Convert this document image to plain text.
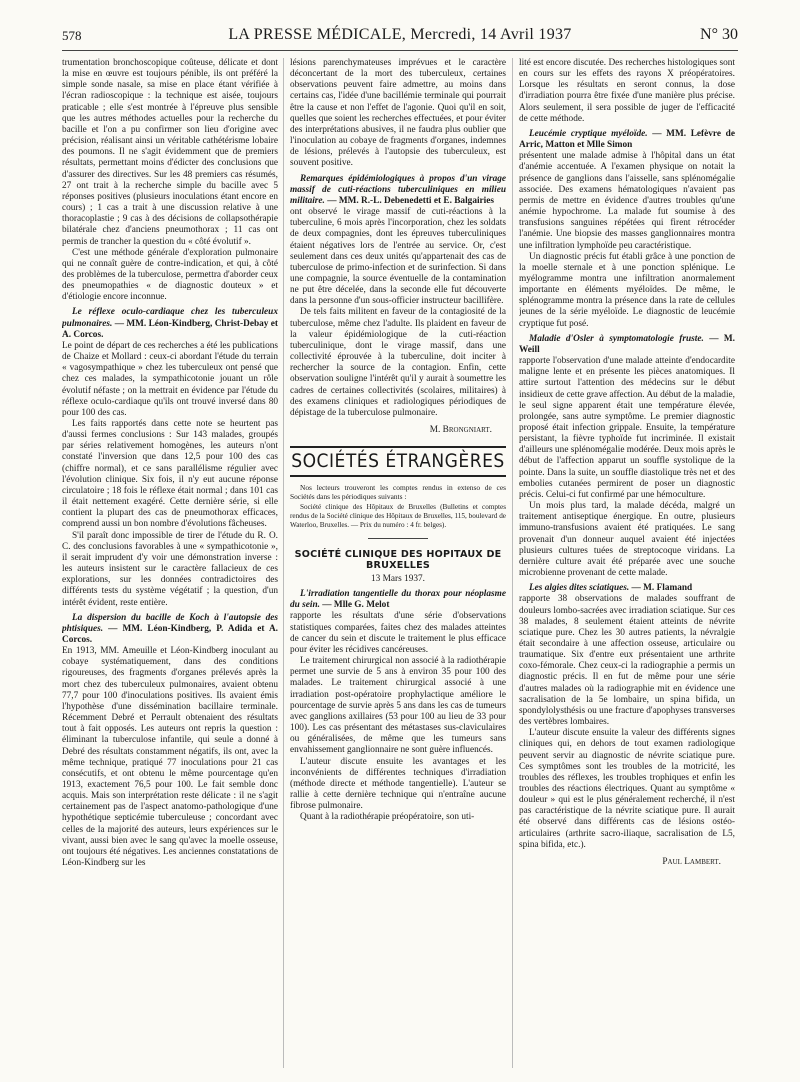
578	LA PRESSE MÉDICALE, Mercredi, 14 Avril 1937	N° 30

trumentation bronchoscopique coûteuse, délicate et dont la mise en œuvre est toujours pénible, ils ont préféré la simple sonde nasale, sa mise en place étant vérifiée à l'écran radioscopique : la technique est aisée, toujours praticable ; elle s'est montrée à l'épreuve plus sensible que les autres méthodes actuelles pour la recherche du bacille et l'on a pu confirmer son lieu d'origine avec précision, réalisant ainsi un véritable cathétérisme lobaire des poumons. Il ne s'agit évidemment que de premiers résultats, permettant moins d'édicter des conclusions que d'assurer des directives. Sur les 48 premiers cas résumés, 27 ont trait à la recherche simple du bacille avec 5 réponses positives (plusieurs inoculations étant encore en cours) ; 1 cas a trait à une discussion relative à une thoracoplastie ; 9 cas à des décisions de collapsothérapie bilatérale chez d'anciens pneumothorax ; 11 cas ont permis de trancher la question du « côté évolutif ».

C'est une méthode générale d'exploration pulmonaire qui ne connaît guère de contre-indication, et qui, à côté des problèmes de la tuberculose, permettra d'aborder ceux des pneumopathies « de diagnostic douteux » et d'étiologie encore inconnue.

Le réflexe oculo-cardiaque chez les tuberculeux pulmonaires. — MM. Léon-Kindberg, Christ-Debay et A. Corcos.

Le point de départ de ces recherches a été les publications de Chaize et Mollard : ceux-ci abordant l'étude du terrain « vagosympathique » chez les tuberculeux ont pensé que chez ces malades, la sympathicotonie jouant un rôle évolutif néfaste ; on la mettrait en évidence par l'étude du réflexe oculo-cardiaque qu'ils ont trouvé inversé dans 80 pour 100 des cas.

Les faits rapportés dans cette note se heurtent pas d'aussi fermes conclusions : Sur 143 malades, groupés par séries relativement homogènes, les auteurs n'ont constaté l'inversion que dans 12,5 pour 100 des cas (chiffre normal), et ce sans parallélisme régulier avec l'évolution clinique. Six fois, il n'y eut aucune réponse circulatoire ; 18 fois le réflexe était normal ; dans 101 cas il était nettement exagéré. Cette dernière série, si elle contient la plupart des cas de pneumothorax efficaces, comprend aussi un bon nombre d'évolutions fâcheuses.

S'il paraît donc impossible de tirer de l'étude du R. O. C. des conclusions favorables à une « sympathicotonie », il serait imprudent d'y voir une démonstration inverse : les auteurs insistent sur le caractère fallacieux de ces explorations, sur les données contradictoires des différents tests du système végétatif ; la question, d'un intérêt évident, reste entière.

La dispersion du bacille de Koch à l'autopsie des phtisiques. — MM. Léon-Kindberg, P. Adida et A. Corcos.

En 1913, MM. Ameuille et Léon-Kindberg inoculant au cobaye systématiquement, dans des conditions rigoureuses, des fragments d'organes prélevés après la mort chez des tuberculeux pulmonaires, avaient obtenu 77,7 pour 100 d'inoculations positives. Ils avaient émis l'hypothèse d'une dissémination bacillaire terminale. Récemment Debré et Perrault obtenaient des résultats tout à fait opposés. Les auteurs ont repris la question : éliminant la tuberculose infantile, qui seule a donné à Debré des résultats constamment négatifs, ils ont, avec la même technique, pratiqué 77 inoculations pour 21 cas consécutifs, et ont obtenu le même pourcentage qu'en 1913, exactement 76,5 pour 100. Le fait semble donc acquis. Mais son interprétation reste délicate : il ne s'agit certainement pas de l'aspect anatomo-pathologique d'une hypothétique septicémie tuberculeuse ; concordant avec celles de la majorité des auteurs, leurs expériences sur le vivant, aussi bien avec le sang qu'avec la moelle osseuse, ont toujours été négatives. Les anciennes constatations de Léon-Kindberg sur les

lésions parenchymateuses imprévues et le caractère déconcertant de la mort des tuberculeux, certaines observations peuvent faire admettre, au moins dans certains cas, l'idée d'une bacillémie terminale qui pourrait être la cause et non l'effet de l'agonie. Quoi qu'il en soit, quelles que soient les recherches effectuées, et pour éviter des interprétations abusives, il ne faudra plus oublier que l'inoculation au cobaye de fragments d'organes, indemnes de lésions, prélevés à l'autopsie des tuberculeux, est souvent positive.

Remarques épidémiologiques à propos d'un virage massif de cuti-réactions tuberculiniques en milieu militaire. — MM. R.-L. Debenedetti et E. Balgairies

ont observé le virage massif de cuti-réactions à la tuberculine, 6 mois après l'incorporation, chez les soldats de deux compagnies, dont les épreuves tuberculiniques étaient négatives lors de l'entrée au service. Or, c'est seulement dans ces deux unités qu'appartenait des cas de tuberculose de primo-infection et de surinfection. Si dans une compagnie, la source éventuelle de la contamination ne put être décelée, dans la seconde elle fut découverte dans la personne d'un sous-officier instructeur bacillifère.

De tels faits militent en faveur de la contagiosité de la tuberculose, même chez l'adulte. Ils plaident en faveur de la valeur épidémiologique de la cuti-réaction tuberculinique, dont le virage massif, dans une collectivité éprouvée à la tuberculine, doit inciter à rechercher la source de la contagion. Enfin, cette observation souligne l'intérêt qu'il y aurait à soumettre les cadres de certaines collectivités (scolaires, militaires) à des examens cliniques et radiologiques périodiques de dépistage de la tuberculose pulmonaire.

M. Brongniart.

SOCIÉTÉS ÉTRANGÈRES

Nos lecteurs trouveront les comptes rendus in extenso de ces Sociétés dans les périodiques suivants :

Société clinique des Hôpitaux de Bruxelles (Bulletins et comptes rendus de la Société clinique des Hôpitaux de Bruxelles, 115, boulevard de Waterloo, Bruxelles. — Prix du numéro : 4 fr. belges).

SOCIÉTÉ CLINIQUE DES HOPITAUX DE BRUXELLES
13 Mars 1937.

L'irradiation tangentielle du thorax pour néoplasme du sein. — Mlle G. Melot

rapporte les résultats d'une série d'observations statistiques comparées, faites chez des malades atteintes de cancer du sein et discute le traitement le plus efficace pour éviter les récidives cancéreuses.

Le traitement chirurgical non associé à la radiothérapie permet une survie de 5 ans à environ 35 pour 100 des malades. Le traitement chirurgical associé à une irradiation post-opératoire prophylactique améliore le pourcentage de survie après 5 ans dans les cas de tumeurs avec ganglions axillaires (53 pour 100 au lieu de 33 pour 100). Les cas présentant des métastases sus-claviculaires ou généralisées, de même que les tumeurs sans envahissement ganglionnaire ne sont guère influencés.

L'auteur discute ensuite les avantages et les inconvénients de différentes techniques d'irradiation (méthode directe et méthode tangentielle). L'auteur se rallie à cette dernière technique qui n'entraîne aucune fibrose pulmonaire.

Quant à la radiothérapie préopératoire, son uti-

lité est encore discutée. Des recherches histologiques sont en cours sur les effets des rayons X préopératoires. Lorsque les résultats en seront connus, la dose d'irradiation pourra être fixée d'une manière plus précise. Alors seulement, il sera possible de juger de l'efficacité de cette méthode.

Leucémie cryptique myéloïde. — MM. Lefèvre de Arric, Matton et Mlle Simon

présentent une malade admise à l'hôpital dans un état d'anémie accentuée. A l'examen physique on notait la présence de ganglions dans l'aisselle, sans splénomégalie associée. Des examens hématologiques n'avaient pas permis de mettre en évidence d'autres troubles qu'une anémie hypochrome. La malade fut soumise à des transfusions sanguines répétées qui firent rétrocéder l'anémie. Une biopsie des masses ganglionnaires montra une infiltration lymphoïde peu caractéristique.

Un diagnostic précis fut établi grâce à une ponction de la moelle sternale et à une ponction splénique. Le myélogramme montra une infiltration anormalement importante en éléments myéloïdes. De même, le splénogramme montra la présence dans la rate de cellules jeunes de la série myéloïde. Le diagnostic de leucémie cryptique fut posé.

Maladie d'Osler à symptomatologie fruste. — M. Weill

rapporte l'observation d'une malade atteinte d'endocardite maligne lente et en présente les pièces anatomiques. Il attire surtout l'attention des médecins sur le début insidieux de cette grave affection. Au début de la maladie, le seul signe apparent était une température élevée, prolongée, sans autre symptôme. Le premier diagnostic proposé était infection grippale. Ensuite, la température persistant, la fièvre typhoïde fut incriminée. Il existait d'ailleurs une splénomégalie modérée. Deux mois après le début de l'affection apparut un souffle systolique de la pointe. Dans la suite, un souffle diastolique très net et des embolies cutanées permirent de poser un diagnostic précis. Celui-ci fut confirmé par une hémoculture.

Un mois plus tard, la malade décéda, malgré un traitement antiseptique énergique. En outre, plusieurs immuno-transfusions avaient été pratiquées. Le sang provenait d'un donneur auquel avaient été injectées plusieurs cultures tuées de streptocoque viridans. La dernière culture avait été préparée avec une souche microbienne provenant de cette malade.

Les algies dites sciatiques. — M. Flamand

rapporte 38 observations de malades souffrant de douleurs lombo-sacrées avec irradiation sciatique. Sur ces 38 malades, 8 seulement étaient atteints de névrite sciatique pure. Chez les 30 autres patients, la névralgie était secondaire à une affection osseuse, articulaire ou traumatique. Six d'entre eux présentaient une arthrite coxo-fémorale. Chez ceux-ci la radiographie a permis un diagnostic précis. Il en fut de même pour une série d'autres malades où la radiographie mit en évidence une sacralisation de la 5e lombaire, un spina bifida, un spondylolysthésis ou une fracture d'apophyses transverses des vertèbres lombaires.

L'auteur discute ensuite la valeur des différents signes cliniques qui, en dehors de tout examen radiologique peuvent servir au diagnostic de névrite sciatique pure. Ces symptômes sont les troubles de la motricité, les troubles des réflexes, les troubles trophiques et enfin les troubles des réactions électriques. Quant au symptôme « douleur » qui est le plus généralement recherché, il n'est pas caractéristique de la névrite sciatique pure. Il aurait été observé dans différents cas de lésions ostéo-articulaires (arthrite sacro-iliaque, sacralisation de L5, spina bifida, etc.).

Paul Lambert.
